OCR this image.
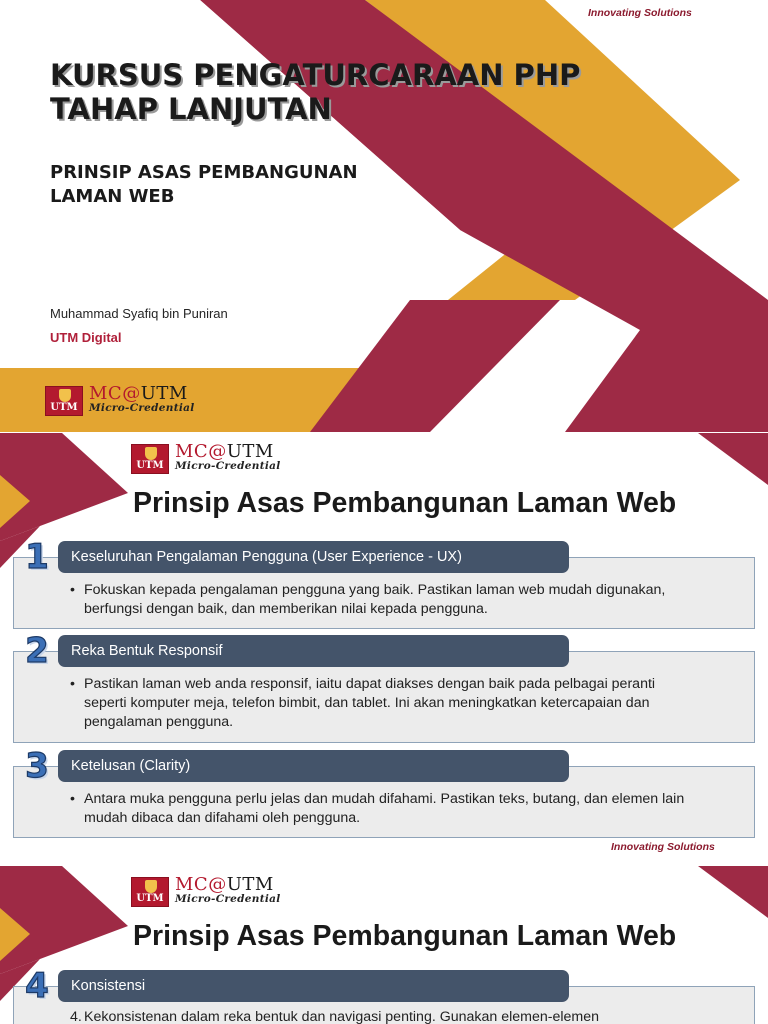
Innovating Solutions
KURSUS PENGATURCARAAN PHP TAHAP LANJUTAN
PRINSIP ASAS PEMBANGUNAN LAMAN WEB
Muhammad Syafiq bin Puniran
UTM Digital
UTM
MC@UTM
Micro-Credential
UTM
MC@UTM
Micro-Credential
Prinsip Asas Pembangunan Laman Web
Keseluruhan Pengalaman Pengguna (User Experience - UX)
1
• Fokuskan kepada pengalaman pengguna yang baik. Pastikan laman web mudah digunakan, berfungsi dengan baik, dan memberikan nilai kepada pengguna.
Reka Bentuk Responsif
2
• Pastikan laman web anda responsif, iaitu dapat diakses dengan baik pada pelbagai peranti seperti komputer meja, telefon bimbit, dan tablet. Ini akan meningkatkan ketercapaian dan pengalaman pengguna.
Ketelusan (Clarity)
3
• Antara muka pengguna perlu jelas dan mudah difahami. Pastikan teks, butang, dan elemen lain mudah dibaca dan difahami oleh pengguna.
Innovating Solutions
UTM
MC@UTM
Micro-Credential
Prinsip Asas Pembangunan Laman Web
Konsistensi
4
4. Kekonsistenan dalam reka bentuk dan navigasi penting. Gunakan elemen-elemen
